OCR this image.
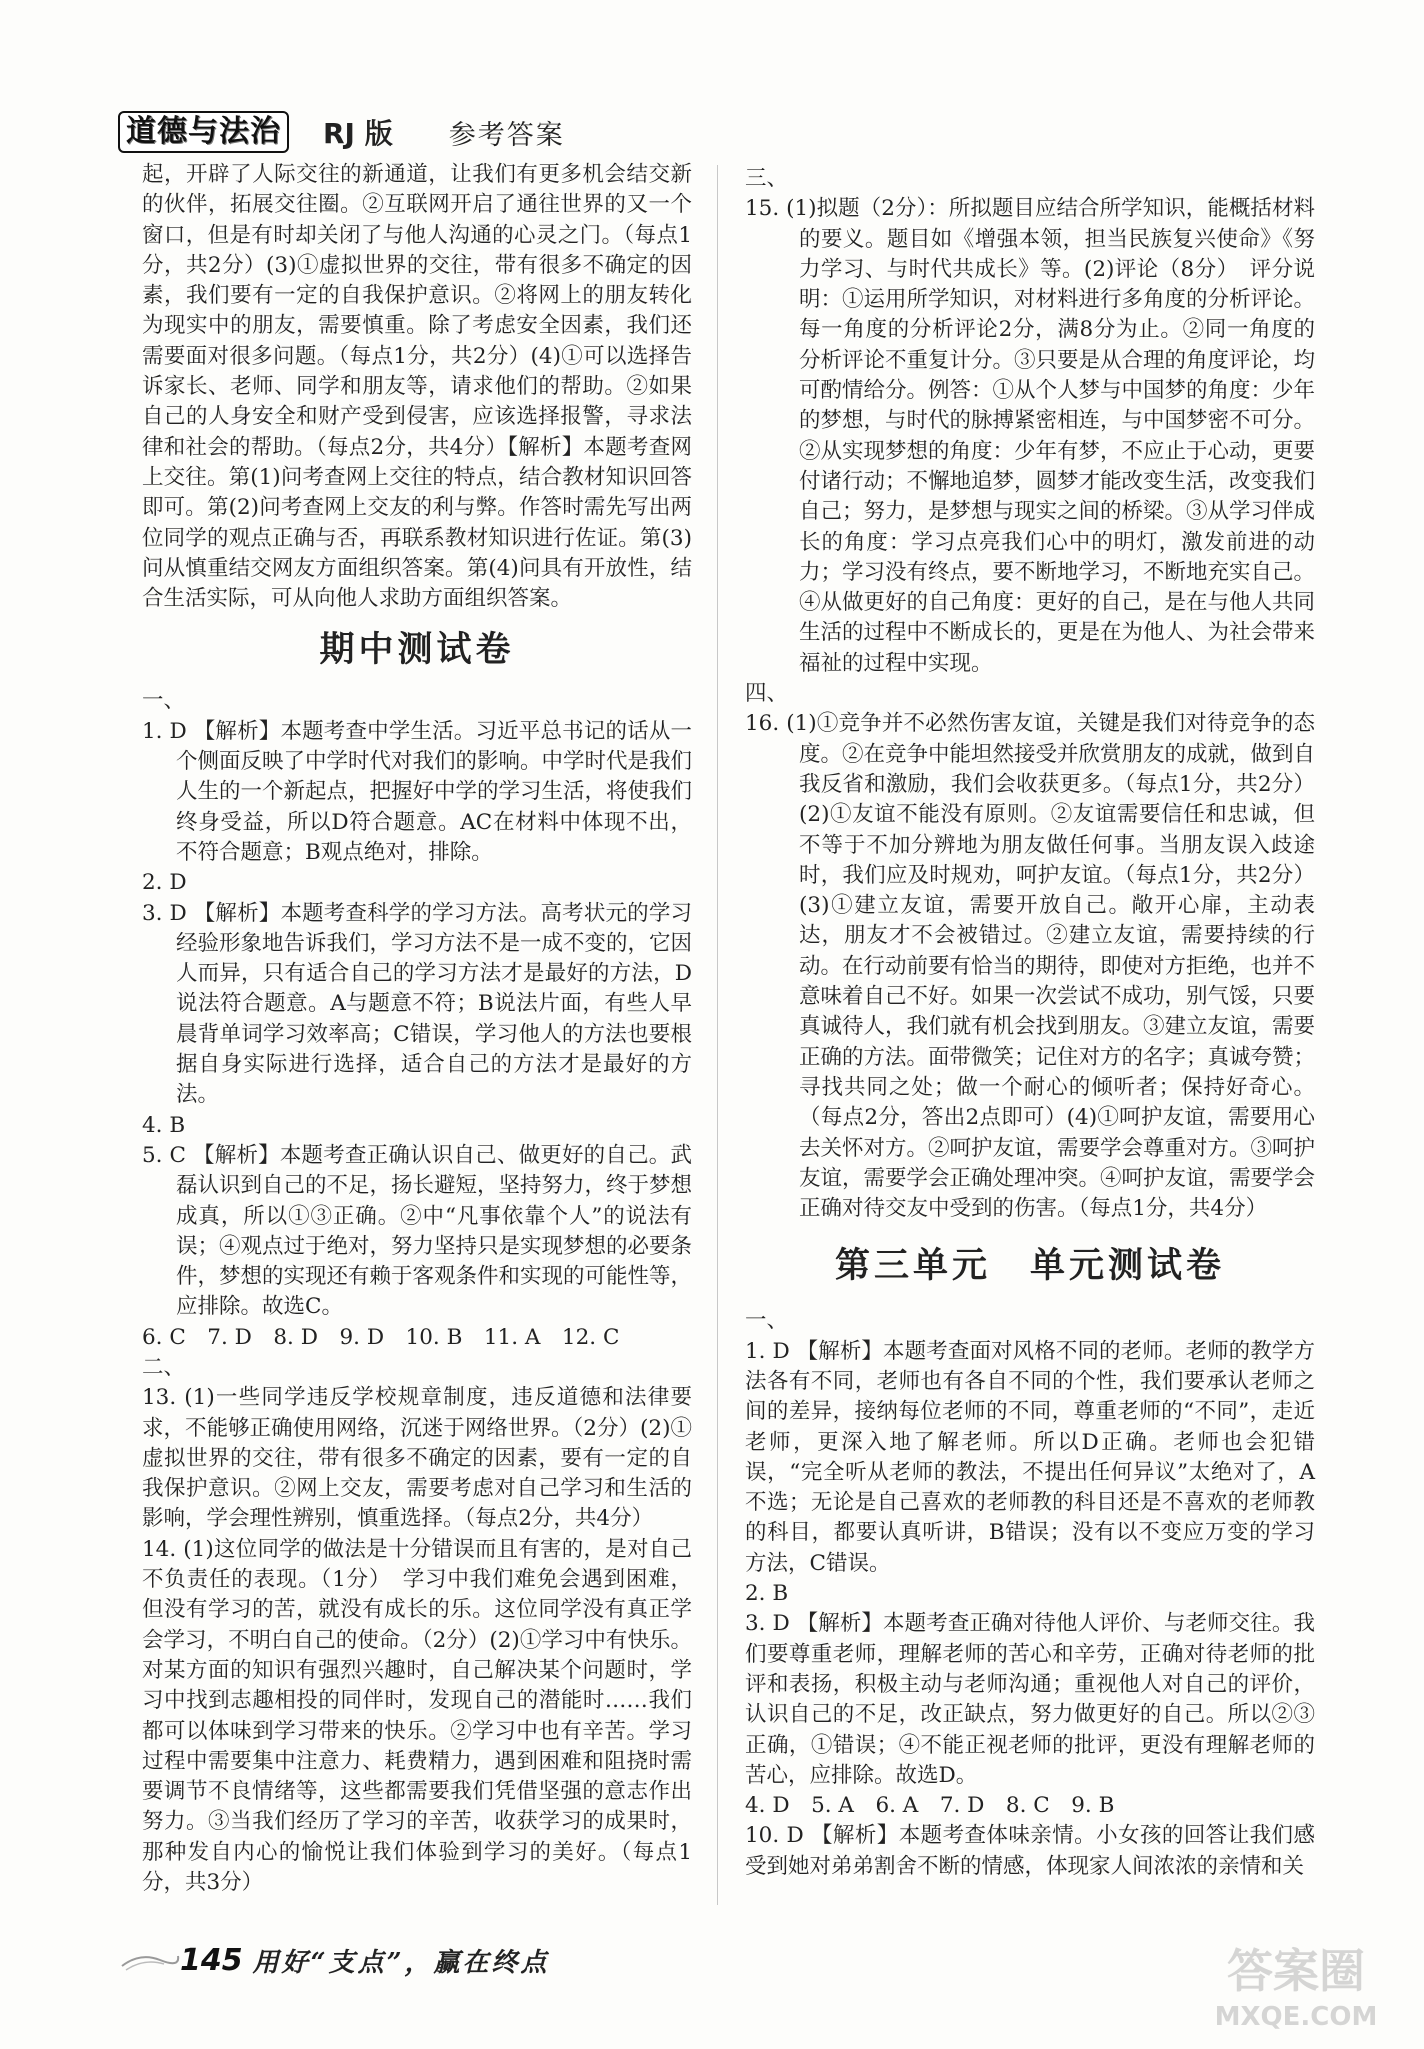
道德与法治 RJ 版 参考答案

起，开辟了人际交往的新通道，让我们有更多机会结交新的伙伴，拓展交往圈。②互联网开启了通往世界的又一个窗口，但是有时却关闭了与他人沟通的心灵之门。（每点1分，共2分）(3)①虚拟世界的交往，带有很多不确定的因素，我们要有一定的自我保护意识。②将网上的朋友转化为现实中的朋友，需要慎重。除了考虑安全因素，我们还需要面对很多问题。（每点1分，共2分）(4)①可以选择告诉家长、老师、同学和朋友等，请求他们的帮助。②如果自己的人身安全和财产受到侵害，应该选择报警，寻求法律和社会的帮助。（每点2分，共4分）【解析】本题考查网上交往。第(1)问考查网上交往的特点，结合教材知识回答即可。第(2)问考查网上交友的利与弊。作答时需先写出两位同学的观点正确与否，再联系教材知识进行佐证。第(3)问从慎重结交网友方面组织答案。第(4)问具有开放性，结合生活实际，可从向他人求助方面组织答案。

期中测试卷

一、

1. D 【解析】本题考查中学生活。习近平总书记的话从一个侧面反映了中学时代对我们的影响。中学时代是我们人生的一个新起点，把握好中学的学习生活，将使我们终身受益，所以D符合题意。AC在材料中体现不出，不符合题意；B观点绝对，排除。

2. D

3. D 【解析】本题考查科学的学习方法。高考状元的学习经验形象地告诉我们，学习方法不是一成不变的，它因人而异，只有适合自己的学习方法才是最好的方法，D说法符合题意。A与题意不符；B说法片面，有些人早晨背单词学习效率高；C错误，学习他人的方法也要根据自身实际进行选择，适合自己的方法才是最好的方法。

4. B

5. C 【解析】本题考查正确认识自己、做更好的自己。武磊认识到自己的不足，扬长避短，坚持努力，终于梦想成真，所以①③正确。②中“凡事依靠个人”的说法有误；④观点过于绝对，努力坚持只是实现梦想的必要条件，梦想的实现还有赖于客观条件和实现的可能性等，应排除。故选C。

6. C　7. D　8. D　9. D　10. B　11. A　12. C

二、

13. (1)一些同学违反学校规章制度，违反道德和法律要求，不能够正确使用网络，沉迷于网络世界。（2分）(2)①虚拟世界的交往，带有很多不确定的因素，要有一定的自我保护意识。②网上交友，需要考虑对自己学习和生活的影响，学会理性辨别，慎重选择。（每点2分，共4分）

14. (1)这位同学的做法是十分错误而且有害的，是对自己不负责任的表现。（1分）　学习中我们难免会遇到困难，但没有学习的苦，就没有成长的乐。这位同学没有真正学会学习，不明白自己的使命。（2分）(2)①学习中有快乐。对某方面的知识有强烈兴趣时，自己解决某个问题时，学习中找到志趣相投的同伴时，发现自己的潜能时……我们都可以体味到学习带来的快乐。②学习中也有辛苦。学习过程中需要集中注意力、耗费精力，遇到困难和阻挠时需要调节不良情绪等，这些都需要我们凭借坚强的意志作出努力。③当我们经历了学习的辛苦，收获学习的成果时，那种发自内心的愉悦让我们体验到学习的美好。（每点1分，共3分）

三、

15. (1)拟题（2分）：所拟题目应结合所学知识，能概括材料的要义。题目如《增强本领，担当民族复兴使命》《努力学习、与时代共成长》等。(2)评论（8分）　评分说明：①运用所学知识，对材料进行多角度的分析评论。每一角度的分析评论2分，满8分为止。②同一角度的分析评论不重复计分。③只要是从合理的角度评论，均可酌情给分。例答：①从个人梦与中国梦的角度：少年的梦想，与时代的脉搏紧密相连，与中国梦密不可分。②从实现梦想的角度：少年有梦，不应止于心动，更要付诸行动；不懈地追梦，圆梦才能改变生活，改变我们自己；努力，是梦想与现实之间的桥梁。③从学习伴成长的角度：学习点亮我们心中的明灯，激发前进的动力；学习没有终点，要不断地学习，不断地充实自己。④从做更好的自己角度：更好的自己，是在与他人共同生活的过程中不断成长的，更是在为他人、为社会带来福祉的过程中实现。

四、

16. (1)①竞争并不必然伤害友谊，关键是我们对待竞争的态度。②在竞争中能坦然接受并欣赏朋友的成就，做到自我反省和激励，我们会收获更多。（每点1分，共2分）(2)①友谊不能没有原则。②友谊需要信任和忠诚，但不等于不加分辨地为朋友做任何事。当朋友误入歧途时，我们应及时规劝，呵护友谊。（每点1分，共2分）(3)①建立友谊，需要开放自己。敞开心扉，主动表达，朋友才不会被错过。②建立友谊，需要持续的行动。在行动前要有恰当的期待，即使对方拒绝，也并不意味着自己不好。如果一次尝试不成功，别气馁，只要真诚待人，我们就有机会找到朋友。③建立友谊，需要正确的方法。面带微笑；记住对方的名字；真诚夸赞；寻找共同之处；做一个耐心的倾听者；保持好奇心。（每点2分，答出2点即可）(4)①呵护友谊，需要用心去关怀对方。②呵护友谊，需要学会尊重对方。③呵护友谊，需要学会正确处理冲突。④呵护友谊，需要学会正确对待交友中受到的伤害。（每点1分，共4分）

第三单元　单元测试卷

一、

1. D 【解析】本题考查面对风格不同的老师。老师的教学方法各有不同，老师也有各自不同的个性，我们要承认老师之间的差异，接纳每位老师的不同，尊重老师的“不同”，走近老师，更深入地了解老师。所以D正确。老师也会犯错误，“完全听从老师的教法，不提出任何异议”太绝对了，A不选；无论是自己喜欢的老师教的科目还是不喜欢的老师教的科目，都要认真听讲，B错误；没有以不变应万变的学习方法，C错误。

2. B

3. D 【解析】本题考查正确对待他人评价、与老师交往。我们要尊重老师，理解老师的苦心和辛劳，正确对待老师的批评和表扬，积极主动与老师沟通；重视他人对自己的评价，认识自己的不足，改正缺点，努力做更好的自己。所以②③正确，①错误；④不能正视老师的批评，更没有理解老师的苦心，应排除。故选D。

4. D　5. A　6. A　7. D　8. C　9. B

10. D 【解析】本题考查体味亲情。小女孩的回答让我们感受到她对弟弟割舍不断的情感，体现家人间浓浓的亲情和关

145 用好“支点”，赢在终点	答案圈
MXQE.COM
